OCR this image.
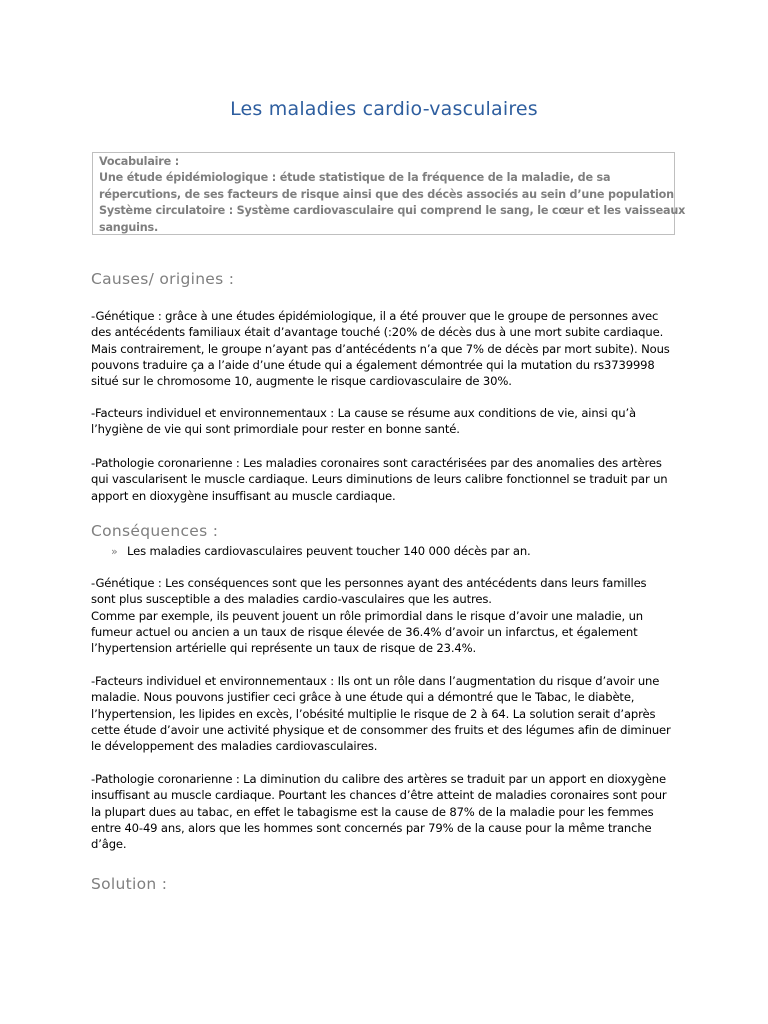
Les maladies cardio-vasculaires
Vocabulaire :
Une étude épidémiologique : étude statistique de la fréquence de la maladie, de sa
répercutions, de ses facteurs de risque ainsi que des décès associés au sein d’une population
Système circulatoire : Système cardiovasculaire qui comprend le sang, le cœur et les vaisseaux
sanguins.
Causes/ origines :
-Génétique : grâce à une études épidémiologique, il a été prouver que le groupe de personnes avec
des antécédents familiaux était d’avantage touché (:20% de décès dus à une mort subite cardiaque.
Mais contrairement, le groupe n’ayant pas d’antécédents n’a que 7% de décès par mort subite). Nous
pouvons traduire ça a l’aide d’une étude qui a également démontrée qui la mutation du rs3739998
situé sur le chromosome 10, augmente le risque cardiovasculaire de 30%.
-Facteurs individuel et environnementaux : La cause se résume aux conditions de vie, ainsi qu’à
l’hygiène de vie qui sont primordiale pour rester en bonne santé.
-Pathologie coronarienne : Les maladies coronaires sont caractérisées par des anomalies des artères
qui vascularisent le muscle cardiaque. Leurs diminutions de leurs calibre fonctionnel se traduit par un
apport en dioxygène insuffisant au muscle cardiaque.
Conséquences :
» Les maladies cardiovasculaires peuvent toucher 140 000 décès par an.
-Génétique : Les conséquences sont que les personnes ayant des antécédents dans leurs familles
sont plus susceptible a des maladies cardio-vasculaires que les autres.
Comme par exemple, ils peuvent jouent un rôle primordial dans le risque d’avoir une maladie, un
fumeur actuel ou ancien a un taux de risque élevée de 36.4% d’avoir un infarctus, et également
l’hypertension artérielle qui représente un taux de risque de 23.4%.
-Facteurs individuel et environnementaux : Ils ont un rôle dans l’augmentation du risque d’avoir une
maladie. Nous pouvons justifier ceci grâce à une étude qui a démontré que le Tabac, le diabète,
l’hypertension, les lipides en excès, l’obésité multiplie le risque de 2 à 64. La solution serait d’après
cette étude d’avoir une activité physique et de consommer des fruits et des légumes afin de diminuer
le développement des maladies cardiovasculaires.
-Pathologie coronarienne : La diminution du calibre des artères se traduit par un apport en dioxygène
insuffisant au muscle cardiaque. Pourtant les chances d’être atteint de maladies coronaires sont pour
la plupart dues au tabac, en effet le tabagisme est la cause de 87% de la maladie pour les femmes
entre 40-49 ans, alors que les hommes sont concernés par 79% de la cause pour la même tranche
d’âge.
Solution :
